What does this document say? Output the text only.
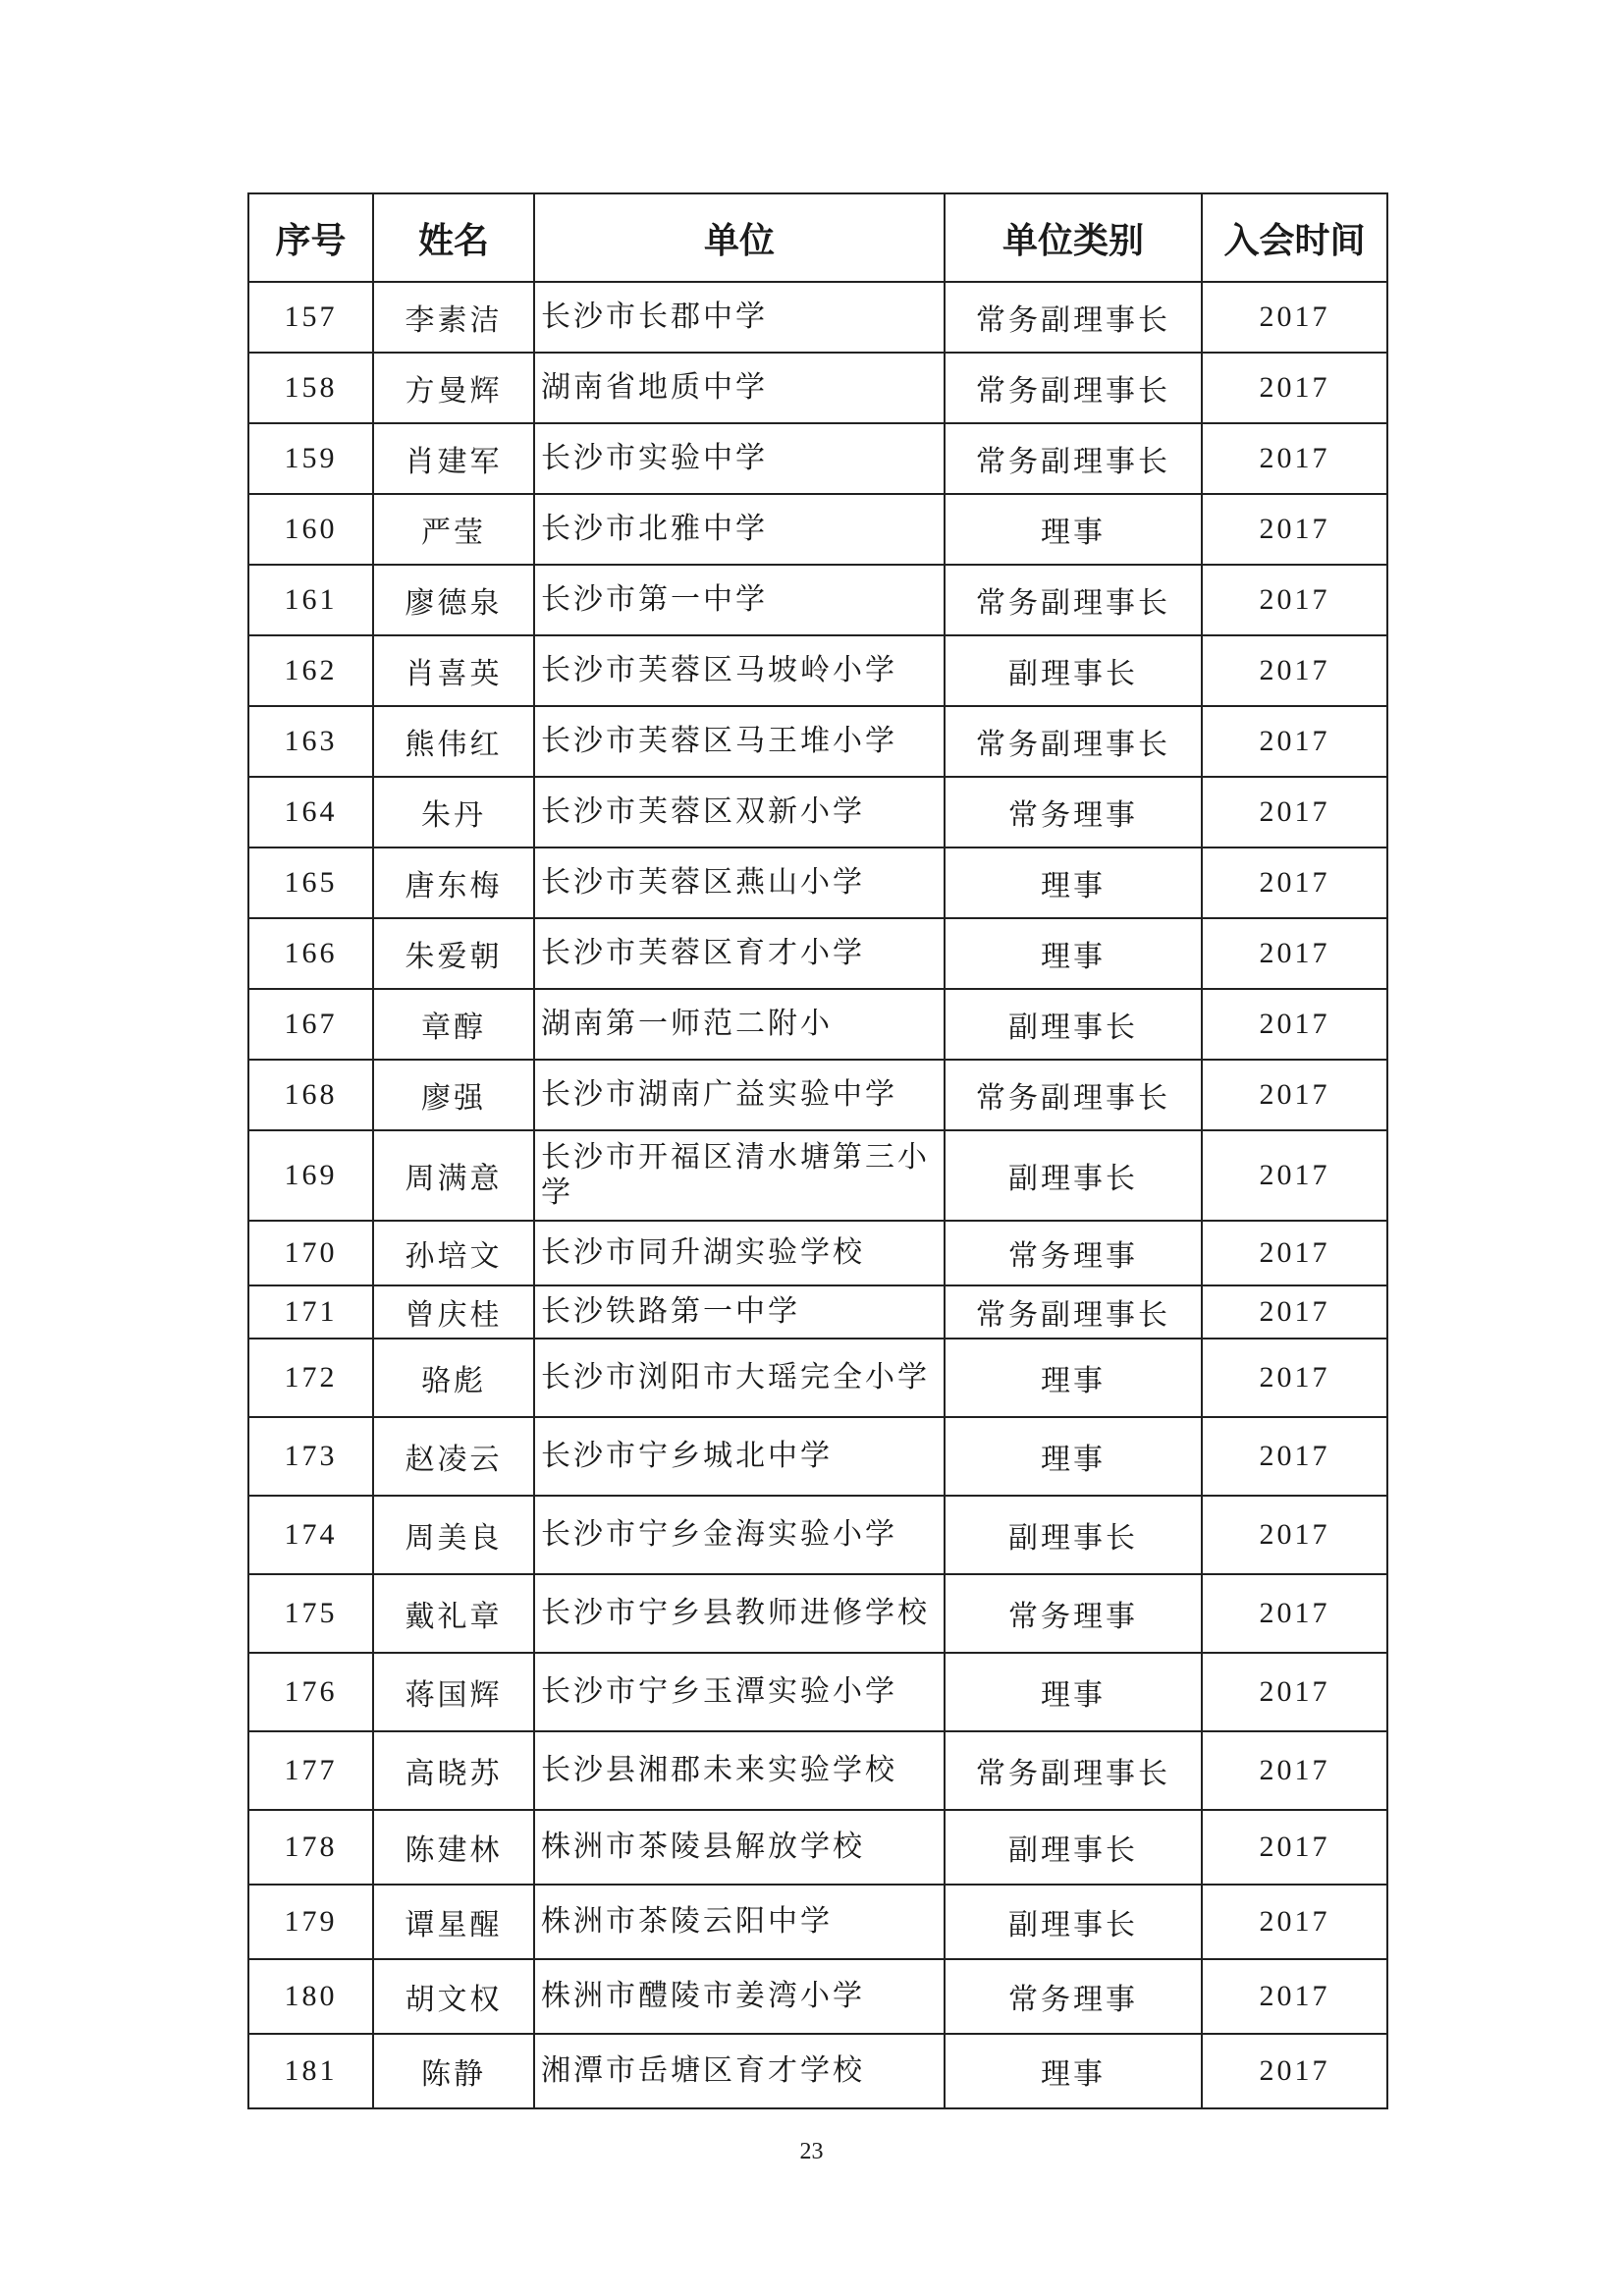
序号	姓名	单位	单位类别	入会时间
157	李素洁	长沙市长郡中学	常务副理事长	2017
158	方曼辉	湖南省地质中学	常务副理事长	2017
159	肖建军	长沙市实验中学	常务副理事长	2017
160	严莹	长沙市北雅中学	理事	2017
161	廖德泉	长沙市第一中学	常务副理事长	2017
162	肖喜英	长沙市芙蓉区马坡岭小学	副理事长	2017
163	熊伟红	长沙市芙蓉区马王堆小学	常务副理事长	2017
164	朱丹	长沙市芙蓉区双新小学	常务理事	2017
165	唐东梅	长沙市芙蓉区燕山小学	理事	2017
166	朱爱朝	长沙市芙蓉区育才小学	理事	2017
167	章醇	湖南第一师范二附小	副理事长	2017
168	廖强	长沙市湖南广益实验中学	常务副理事长	2017
169	周满意	长沙市开福区清水塘第三小学	副理事长	2017
170	孙培文	长沙市同升湖实验学校	常务理事	2017
171	曾庆桂	长沙铁路第一中学	常务副理事长	2017
172	骆彪	长沙市浏阳市大瑶完全小学	理事	2017
173	赵凌云	长沙市宁乡城北中学	理事	2017
174	周美良	长沙市宁乡金海实验小学	副理事长	2017
175	戴礼章	长沙市宁乡县教师进修学校	常务理事	2017
176	蒋国辉	长沙市宁乡玉潭实验小学	理事	2017
177	高晓苏	长沙县湘郡未来实验学校	常务副理事长	2017
178	陈建林	株洲市茶陵县解放学校	副理事长	2017
179	谭星醒	株洲市茶陵云阳中学	副理事长	2017
180	胡文权	株洲市醴陵市姜湾小学	常务理事	2017
181	陈静	湘潭市岳塘区育才学校	理事	2017
23
